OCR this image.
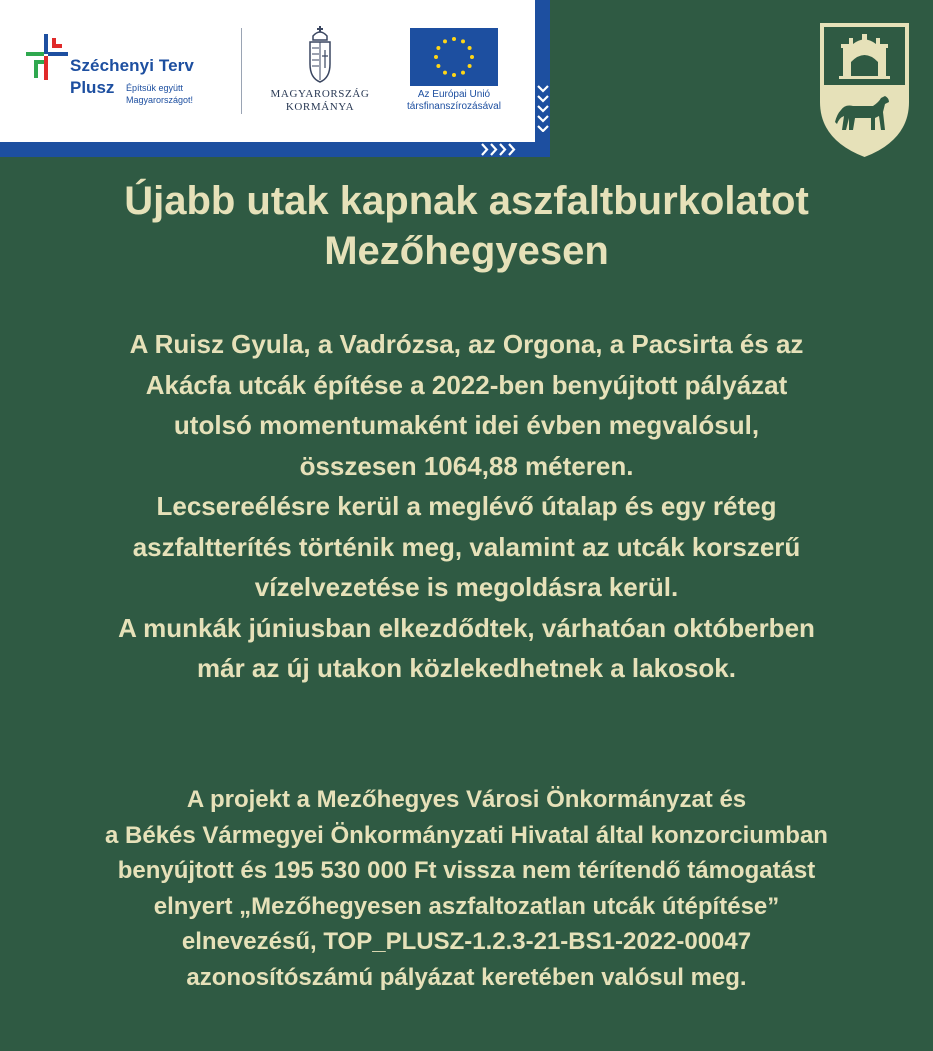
Széchenyi Terv
Plusz Építsük együtt
Magyarországot!	MAGYARORSZÁG
KORMÁNYA
Az Európai Unió
társfinanszírozásával
Újabb utak kapnak aszfaltburkolatot
Mezőhegyesen
A Ruisz Gyula, a Vadrózsa, az Orgona, a Pacsirta és az
Akácfa utcák építése a 2022-ben benyújtott pályázat
utolsó momentumaként idei évben megvalósul,
összesen 1064,88 méteren.
Lecsereélésre kerül a meglévő útalap és egy réteg
aszfaltterítés történik meg, valamint az utcák korszerű
vízelvezetése is megoldásra kerül.
A munkák júniusban elkezdődtek, várhatóan októberben
már az új utakon közlekedhetnek a lakosok.
A projekt a Mezőhegyes Városi Önkormányzat és
a Békés Vármegyei Önkormányzati Hivatal által konzorciumban
benyújtott és 195 530 000 Ft vissza nem térítendő támogatást
elnyert „Mezőhegyesen aszfaltozatlan utcák útépítése”
elnevezésű, TOP_PLUSZ-1.2.3-21-BS1-2022-00047
azonosítószámú pályázat keretében valósul meg.
